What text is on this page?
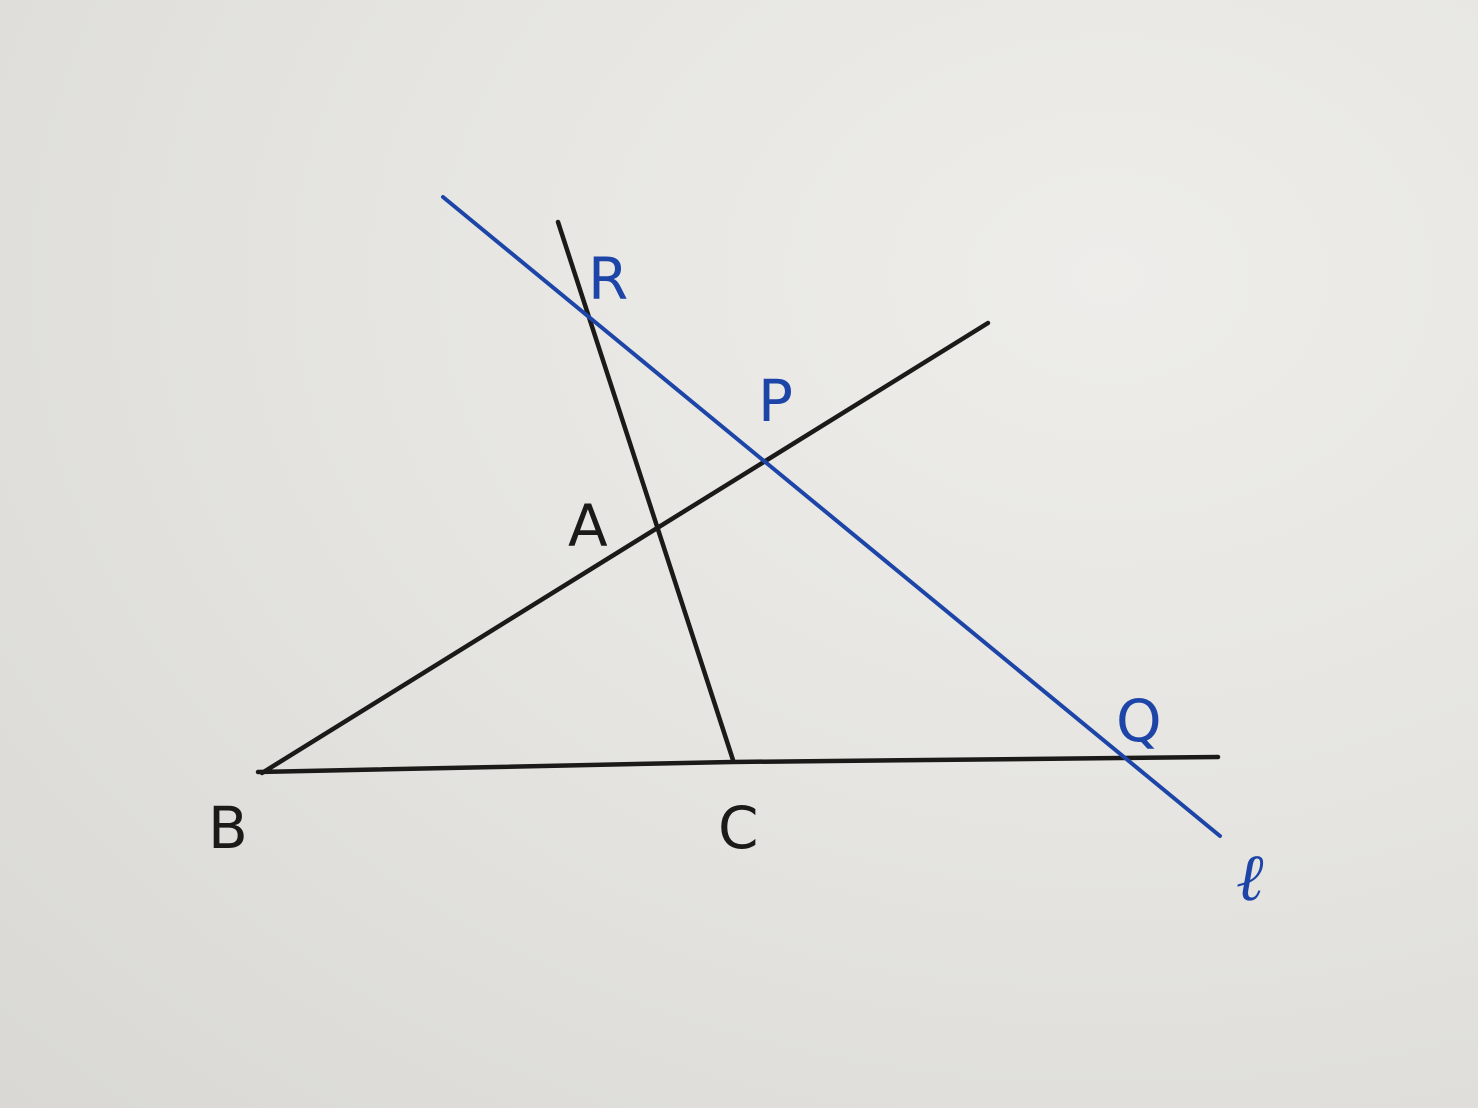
R
P
A
Q
B	C
ℓ
